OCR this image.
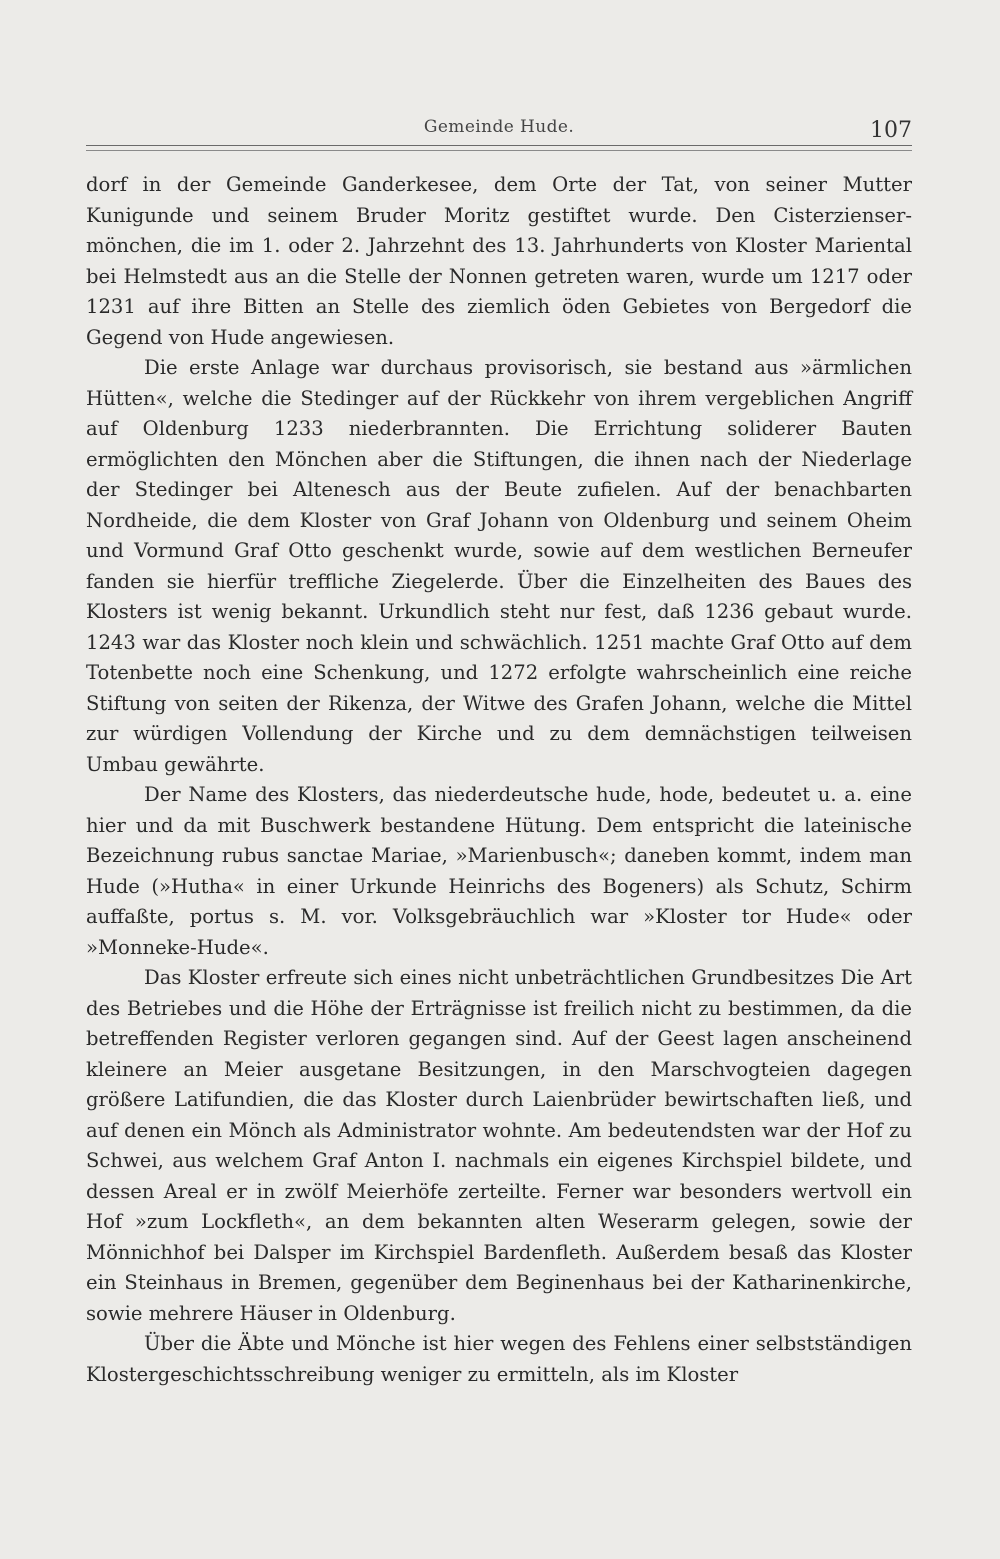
Gemeinde Hude.	107

dorf in der Gemeinde Ganderkesee, dem Orte der Tat, von seiner Mutter Kunigunde und seinem Bruder Moritz gestiftet wurde. Den Cisterzienser-mönchen, die im 1. oder 2. Jahrzehnt des 13. Jahrhunderts von Kloster Mariental bei Helmstedt aus an die Stelle der Nonnen getreten waren, wurde um 1217 oder 1231 auf ihre Bitten an Stelle des ziemlich öden Gebietes von Bergedorf die Gegend von Hude angewiesen.

Die erste Anlage war durchaus provisorisch, sie bestand aus »ärmlichen Hütten«, welche die Stedinger auf der Rückkehr von ihrem vergeblichen Angriff auf Oldenburg 1233 niederbrannten. Die Errichtung soliderer Bauten ermöglichten den Mönchen aber die Stiftungen, die ihnen nach der Niederlage der Stedinger bei Altenesch aus der Beute zufielen. Auf der benachbarten Nordheide, die dem Kloster von Graf Johann von Oldenburg und seinem Oheim und Vormund Graf Otto geschenkt wurde, sowie auf dem westlichen Berneufer fanden sie hierfür treffliche Ziegelerde. Über die Einzelheiten des Baues des Klosters ist wenig bekannt. Urkundlich steht nur fest, daß 1236 gebaut wurde. 1243 war das Kloster noch klein und schwächlich. 1251 machte Graf Otto auf dem Totenbette noch eine Schenkung, und 1272 erfolgte wahrscheinlich eine reiche Stiftung von seiten der Rikenza, der Witwe des Grafen Johann, welche die Mittel zur würdigen Vollendung der Kirche und zu dem demnächstigen teilweisen Umbau gewährte.

Der Name des Klosters, das niederdeutsche hude, hode, bedeutet u. a. eine hier und da mit Buschwerk bestandene Hütung. Dem entspricht die lateinische Bezeichnung rubus sanctae Mariae, »Marienbusch«; daneben kommt, indem man Hude (»Hutha« in einer Urkunde Heinrichs des Bogeners) als Schutz, Schirm auffaßte, portus s. M. vor. Volksgebräuchlich war »Kloster tor Hude« oder »Monneke-Hude«.

Das Kloster erfreute sich eines nicht unbeträchtlichen Grundbesitzes Die Art des Betriebes und die Höhe der Erträgnisse ist freilich nicht zu bestimmen, da die betreffenden Register verloren gegangen sind. Auf der Geest lagen anscheinend kleinere an Meier ausgetane Besitzungen, in den Marschvogteien dagegen größere Latifundien, die das Kloster durch Laienbrüder bewirtschaften ließ, und auf denen ein Mönch als Administrator wohnte. Am bedeutendsten war der Hof zu Schwei, aus welchem Graf Anton I. nachmals ein eigenes Kirchspiel bildete, und dessen Areal er in zwölf Meierhöfe zerteilte. Ferner war besonders wertvoll ein Hof »zum Lockfleth«, an dem bekannten alten Weserarm gelegen, sowie der Mönnichhof bei Dalsper im Kirchspiel Bardenfleth. Außerdem besaß das Kloster ein Steinhaus in Bremen, gegenüber dem Beginenhaus bei der Katharinenkirche, sowie mehrere Häuser in Oldenburg.

Über die Äbte und Mönche ist hier wegen des Fehlens einer selbstständigen Klostergeschichtsschreibung weniger zu ermitteln, als im Kloster
